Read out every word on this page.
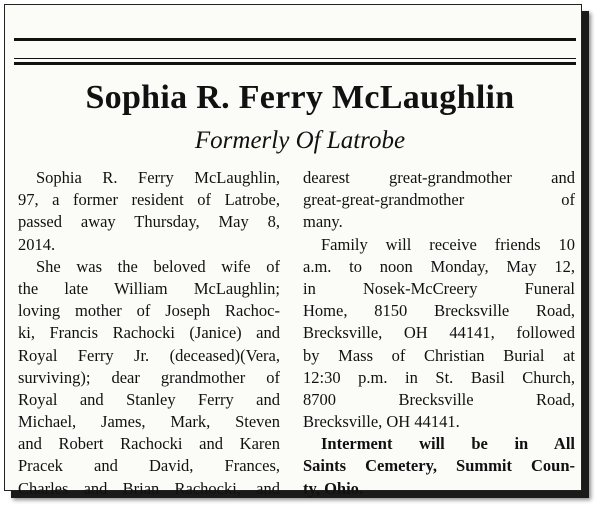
Sophia R. Ferry McLaughlin
Formerly Of Latrobe
Sophia R. Ferry McLaughlin,
97, a former resident of Latrobe,
passed away Thursday, May 8,
2014.
She was the beloved wife of
the late William McLaughlin;
loving mother of Joseph Rachoc-
ki, Francis Rachocki (Janice) and
Royal Ferry Jr. (deceased)(Vera,
surviving); dear grandmother of
Royal and Stanley Ferry and
Michael, James, Mark, Steven
and Robert Rachocki and Karen
Pracek and David, Frances,
Charles and Brian Rachocki, and
dearest great-grandmother and
great-great-grandmother of
many.
Family will receive friends 10
a.m. to noon Monday, May 12,
in Nosek-McCreery Funeral
Home, 8150 Brecksville Road,
Brecksville, OH 44141, followed
by Mass of Christian Burial at
12:30 p.m. in St. Basil Church,
8700 Brecksville Road,
Brecksville, OH 44141.
Interment will be in All
Saints Cemetery, Summit Coun-
ty, Ohio.
